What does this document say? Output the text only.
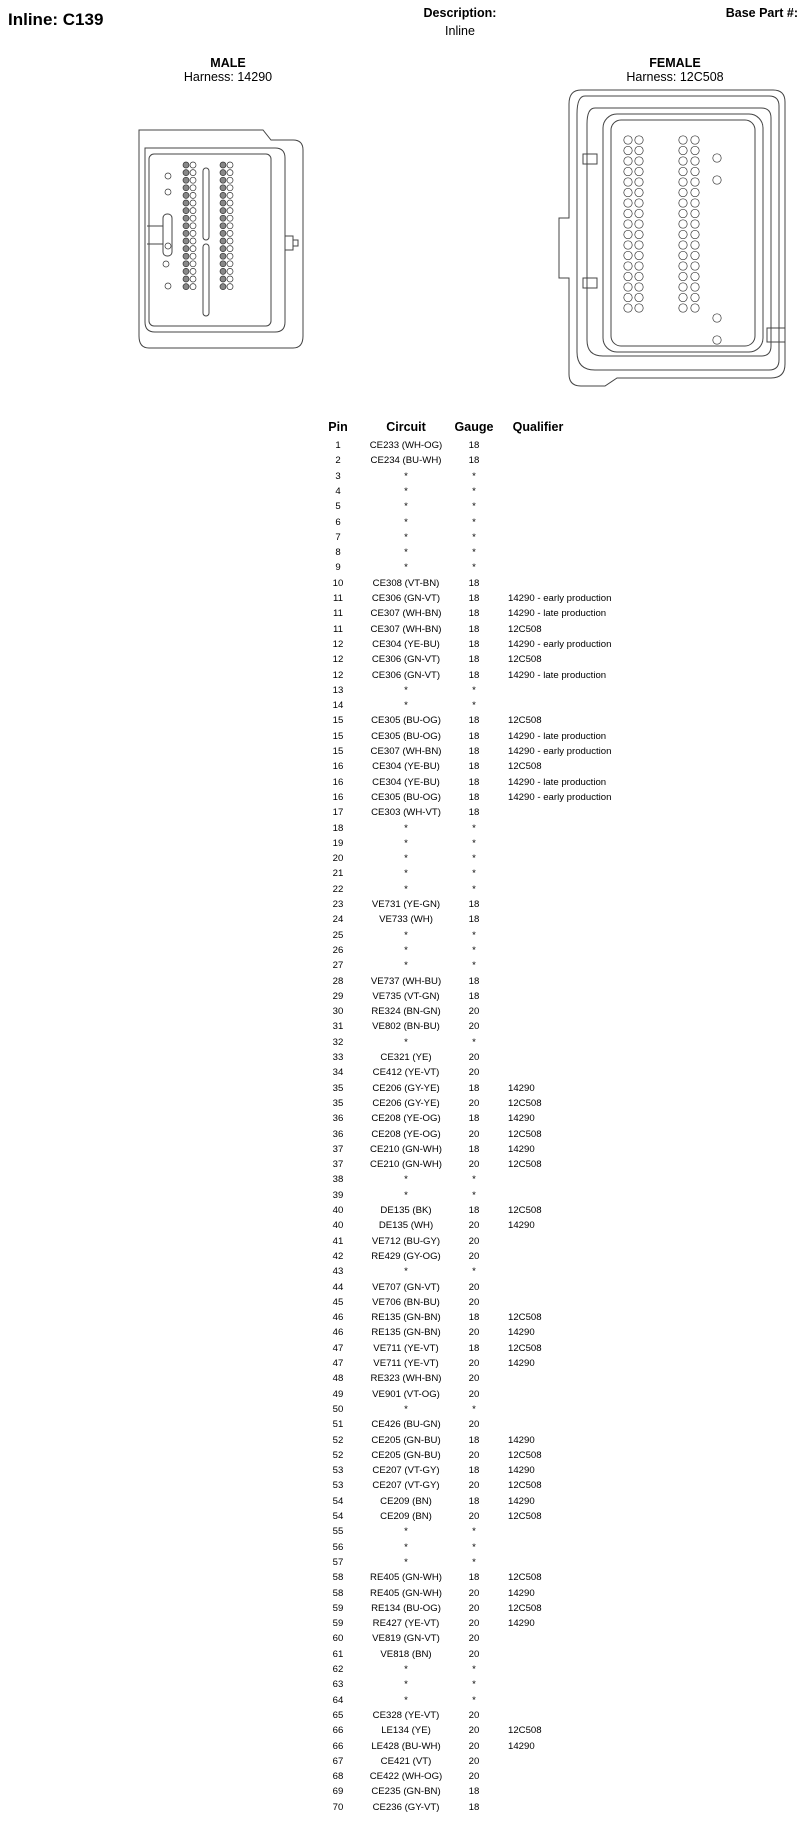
Inline: C139	Description:
Inline
Base Part #:
MALE
Harness: 14290
FEMALE
Harness: 12C508
Pin	Circuit	Gauge	Qualifier
1	CE233 (WH-OG)	18
2	CE234 (BU-WH)	18
3	*	*
4	*	*
5	*	*
6	*	*
7	*	*
8	*	*
9	*	*
10	CE308 (VT-BN)	18
11	CE306 (GN-VT)	18	14290 - early production
11	CE307 (WH-BN)	18	14290 - late production
11	CE307 (WH-BN)	18	12C508
12	CE304 (YE-BU)	18	14290 - early production
12	CE306 (GN-VT)	18	12C508
12	CE306 (GN-VT)	18	14290 - late production
13	*	*
14	*	*
15	CE305 (BU-OG)	18	12C508
15	CE305 (BU-OG)	18	14290 - late production
15	CE307 (WH-BN)	18	14290 - early production
16	CE304 (YE-BU)	18	12C508
16	CE304 (YE-BU)	18	14290 - late production
16	CE305 (BU-OG)	18	14290 - early production
17	CE303 (WH-VT)	18
18	*	*
19	*	*
20	*	*
21	*	*
22	*	*
23	VE731 (YE-GN)	18
24	VE733 (WH)	18
25	*	*
26	*	*
27	*	*
28	VE737 (WH-BU)	18
29	VE735 (VT-GN)	18
30	RE324 (BN-GN)	20
31	VE802 (BN-BU)	20
32	*	*
33	CE321 (YE)	20
34	CE412 (YE-VT)	20
35	CE206 (GY-YE)	18	14290
35	CE206 (GY-YE)	20	12C508
36	CE208 (YE-OG)	18	14290
36	CE208 (YE-OG)	20	12C508
37	CE210 (GN-WH)	18	14290
37	CE210 (GN-WH)	20	12C508
38	*	*
39	*	*
40	DE135 (BK)	18	12C508
40	DE135 (WH)	20	14290
41	VE712 (BU-GY)	20
42	RE429 (GY-OG)	20
43	*	*
44	VE707 (GN-VT)	20
45	VE706 (BN-BU)	20
46	RE135 (GN-BN)	18	12C508
46	RE135 (GN-BN)	20	14290
47	VE711 (YE-VT)	18	12C508
47	VE711 (YE-VT)	20	14290
48	RE323 (WH-BN)	20
49	VE901 (VT-OG)	20
50	*	*
51	CE426 (BU-GN)	20
52	CE205 (GN-BU)	18	14290
52	CE205 (GN-BU)	20	12C508
53	CE207 (VT-GY)	18	14290
53	CE207 (VT-GY)	20	12C508
54	CE209 (BN)	18	14290
54	CE209 (BN)	20	12C508
55	*	*
56	*	*
57	*	*
58	RE405 (GN-WH)	18	12C508
58	RE405 (GN-WH)	20	14290
59	RE134 (BU-OG)	20	12C508
59	RE427 (YE-VT)	20	14290
60	VE819 (GN-VT)	20
61	VE818 (BN)	20
62	*	*
63	*	*
64	*	*
65	CE328 (YE-VT)	20
66	LE134 (YE)	20	12C508
66	LE428 (BU-WH)	20	14290
67	CE421 (VT)	20
68	CE422 (WH-OG)	20
69	CE235 (GN-BN)	18
70	CE236 (GY-VT)	18
